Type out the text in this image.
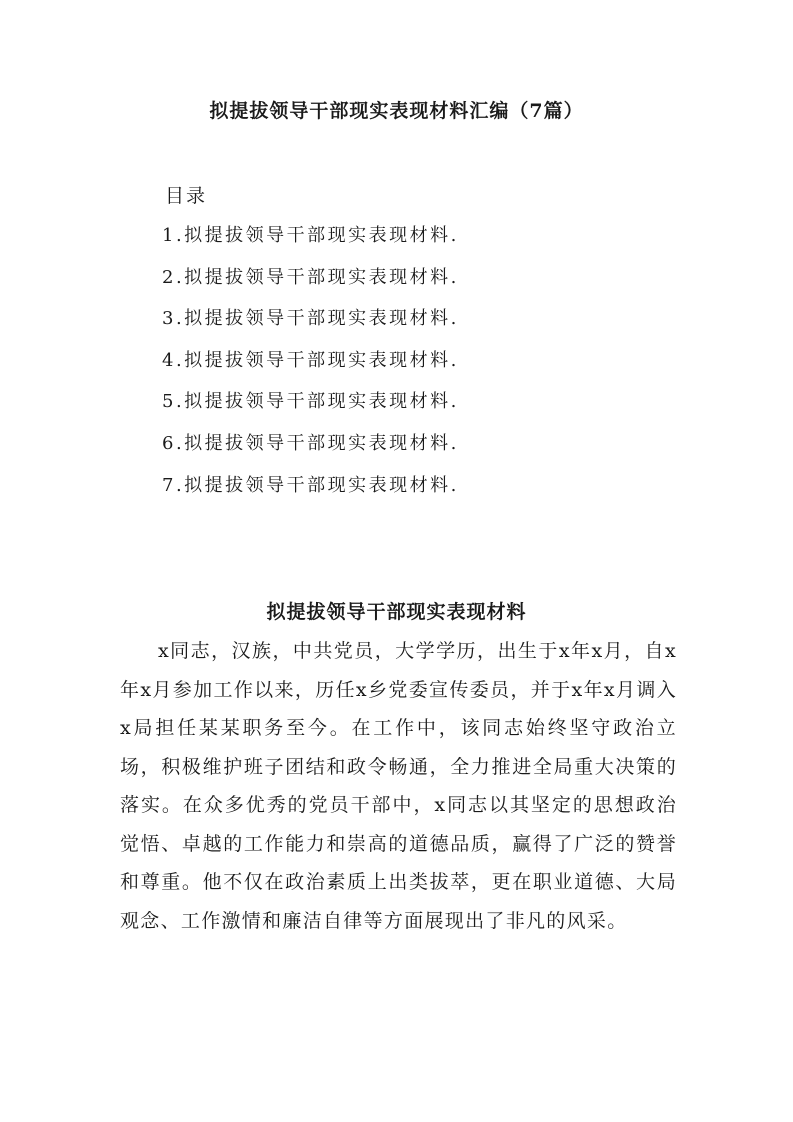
拟提拔领导干部现实表现材料汇编（7篇）
目录
1.拟提拔领导干部现实表现材料.
2.拟提拔领导干部现实表现材料.
3.拟提拔领导干部现实表现材料.
4.拟提拔领导干部现实表现材料.
5.拟提拔领导干部现实表现材料.
6.拟提拔领导干部现实表现材料.
7.拟提拔领导干部现实表现材料.
拟提拔领导干部现实表现材料

x同志，汉族，中共党员，大学学历，出生于x年x月，自x年x月参加工作以来，历任x乡党委宣传委员，并于x年x月调入x局担任某某职务至今。在工作中，该同志始终坚守政治立场，积极维护班子团结和政令畅通，全力推进全局重大决策的落实。在众多优秀的党员干部中，x同志以其坚定的思想政治觉悟、卓越的工作能力和崇高的道德品质，赢得了广泛的赞誉和尊重。他不仅在政治素质上出类拔萃，更在职业道德、大局观念、工作激情和廉洁自律等方面展现出了非凡的风采。
